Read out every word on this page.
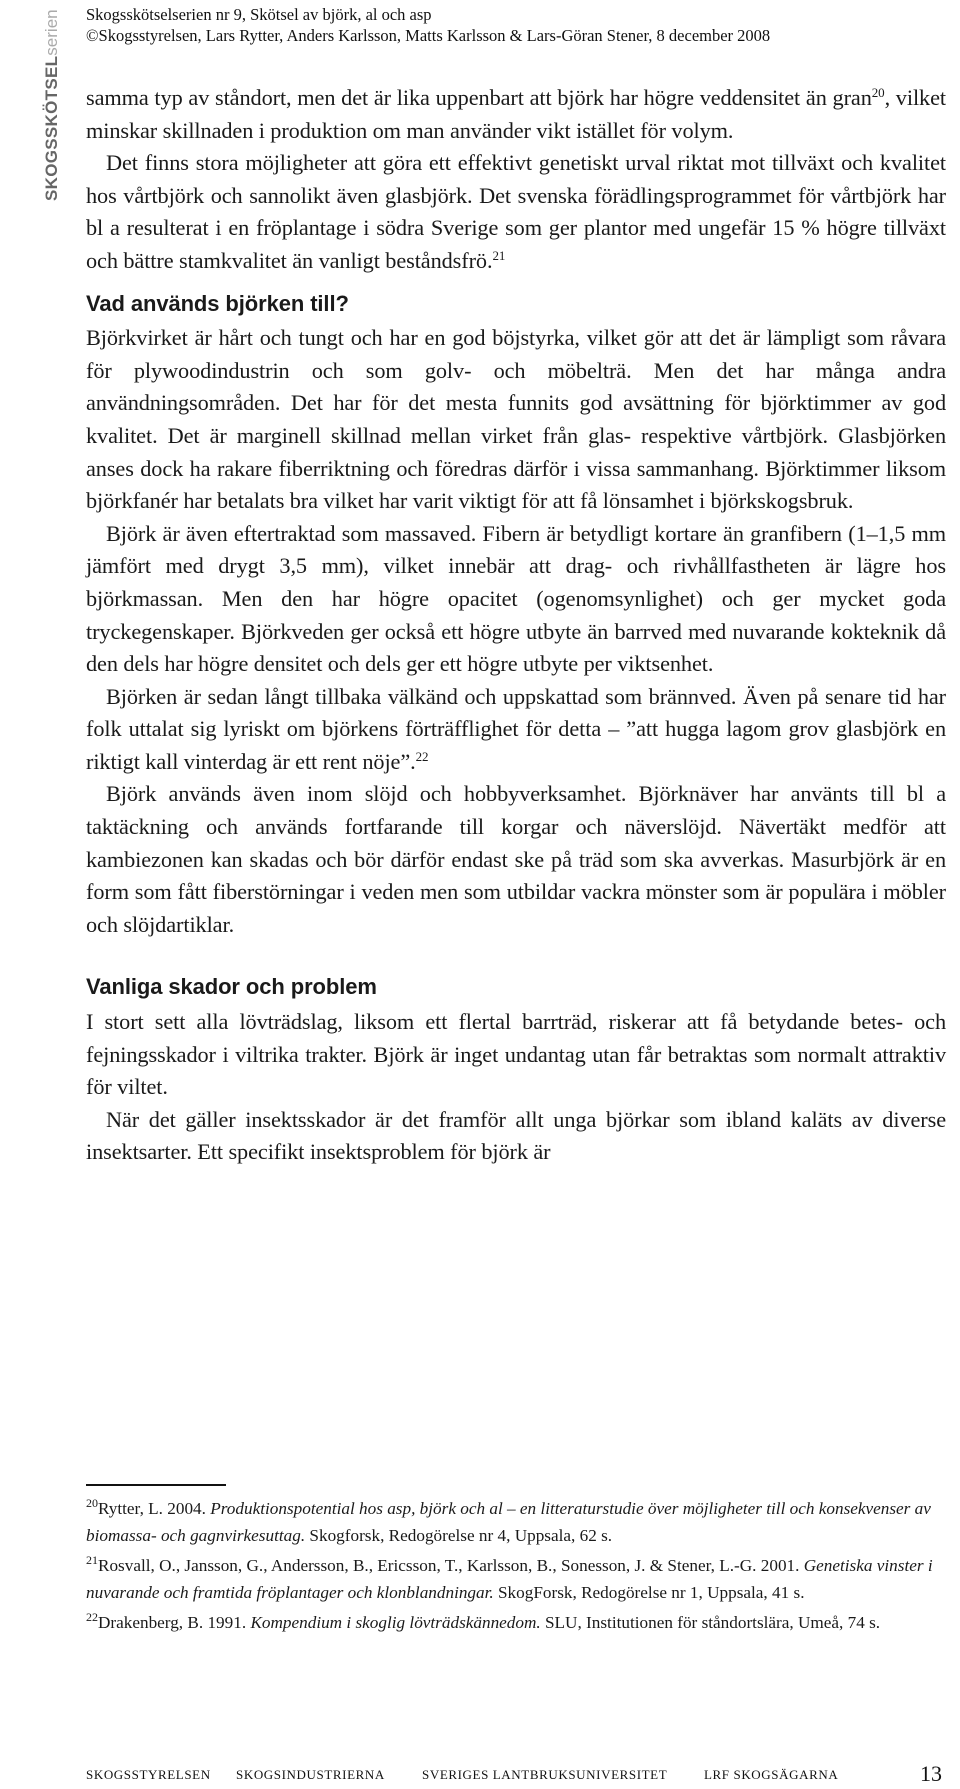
Skogsskötselserien nr 9, Skötsel av björk, al och asp
©Skogsstyrelsen, Lars Rytter, Anders Karlsson, Matts Karlsson & Lars-Göran Stener, 8 december 2008
SKOGSSKÖTSEL
serien

samma typ av ståndort, men det är lika uppenbart att björk har högre veddensitet än gran$^{20}$, vilket minskar skillnaden i produktion om man använder vikt istället för volym.

Det finns stora möjligheter att göra ett effektivt genetiskt urval riktat mot tillväxt och kvalitet hos vårtbjörk och sannolikt även glasbjörk. Det svenska förädlingsprogrammet för vårtbjörk har bl a resulterat i en fröplantage i södra Sverige som ger plantor med ungefär 15 % högre tillväxt och bättre stamkvalitet än vanligt beståndsfrö.$^{21}$

Vad används björken till?

Björkvirket är hårt och tungt och har en god böjstyrka, vilket gör att det är lämpligt som råvara för plywoodindustrin och som golv- och möbelträ. Men det har många andra användningsområden. Det har för det mesta funnits god avsättning för björktimmer av god kvalitet. Det är marginell skillnad mellan virket från glas- respektive vårtbjörk. Glasbjörken anses dock ha rakare fiberriktning och föredras därför i vissa sammanhang. Björktimmer liksom björkfanér har betalats bra vilket har varit viktigt för att få lönsamhet i björkskogsbruk.

Björk är även eftertraktad som massaved. Fibern är betydligt kortare än granfibern (1–1,5 mm jämfört med drygt 3,5 mm), vilket innebär att drag- och rivhållfastheten är lägre hos björkmassan. Men den har högre opacitet (ogenomsynlighet) och ger mycket goda tryckegenskaper. Björkveden ger också ett högre utbyte än barrved med nuvarande kokteknik då den dels har högre densitet och dels ger ett högre utbyte per viktsenhet.

Björken är sedan långt tillbaka välkänd och uppskattad som brännved. Även på senare tid har folk uttalat sig lyriskt om björkens förträfflighet för detta – ”att hugga lagom grov glasbjörk en riktigt kall vinterdag är ett rent nöje”.$^{22}$

Björk används även inom slöjd och hobbyverksamhet. Björknäver har använts till bl a taktäckning och används fortfarande till korgar och näverslöjd. Nävertäkt medför att kambiezonen kan skadas och bör därför endast ske på träd som ska avverkas. Masurbjörk är en form som fått fiberstörningar i veden men som utbildar vackra mönster som är populära i möbler och slöjdartiklar.

Vanliga skador och problem

I stort sett alla lövträdslag, liksom ett flertal barrträd, riskerar att få betydande betes- och fejningsskador i viltrika trakter. Björk är inget undantag utan får betraktas som normalt attraktiv för viltet.

När det gäller insektsskador är det framför allt unga björkar som ibland kaläts av diverse insektsarter. Ett specifikt insektsproblem för björk är

$^{20}$Rytter, L. 2004. Produktionspotential hos asp, björk och al – en litteraturstudie över möjligheter till och konsekvenser av biomassa- och gagnvirkesuttag. Skogforsk, Redogörelse nr 4, Uppsala, 62 s.

$^{21}$Rosvall, O., Jansson, G., Andersson, B., Ericsson, T., Karlsson, B., Sonesson, J. & Stener, L.-G. 2001. Genetiska vinster i nuvarande och framtida fröplantager och klonblandningar. SkogForsk, Redogörelse nr 1, Uppsala, 41 s.

$^{22}$Drakenberg, B. 1991. Kompendium i skoglig lövträdskännedom. SLU, Institutionen för ståndortslära, Umeå, 74 s.

SKOGSSTYRELSEN SKOGSINDUSTRIERNA	SVERIGES LANTBRUKSUNIVERSITET	LRF SKOGSÄGARNA	13
